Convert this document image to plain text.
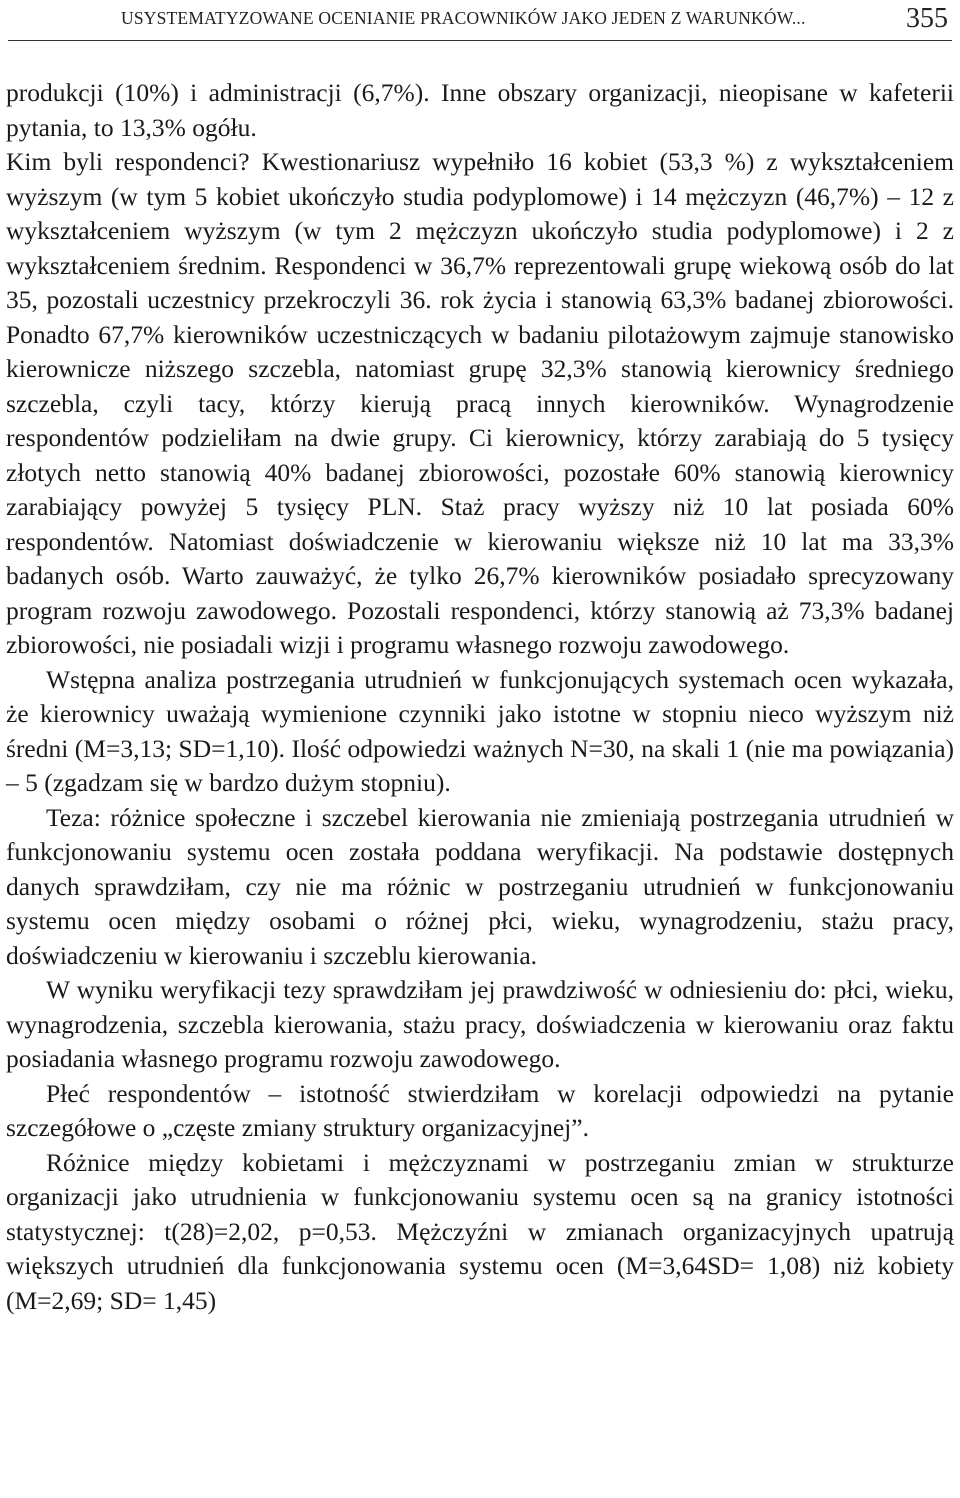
USYSTEMATYZOWANE OCENIANIE PRACOWNIKÓW JAKO JEDEN Z WARUNKÓW...	355

produkcji (10%) i administracji (6,7%). Inne obszary organizacji, nieopisane w kafeterii pytania, to 13,3% ogółu.

Kim byli respondenci? Kwestionariusz wypełniło 16 kobiet (53,3 %) z wykształceniem wyższym (w tym 5 kobiet ukończyło studia podyplomowe) i 14 mężczyzn (46,7%) – 12 z wykształceniem wyższym (w tym 2 mężczyzn ukończyło studia podyplomowe) i 2 z wykształceniem średnim. Respondenci w 36,7% reprezentowali grupę wiekową osób do lat 35, pozostali uczestnicy przekroczyli 36. rok życia i stanowią 63,3% badanej zbiorowości. Ponadto 67,7% kierowników uczestniczących w badaniu pilotażowym zajmuje stanowisko kierownicze niższego szczebla, natomiast grupę 32,3% stanowią kierownicy średniego szczebla, czyli tacy, którzy kierują pracą innych kierowników. Wynagrodzenie respondentów podzieliłam na dwie grupy. Ci kierownicy, którzy zarabiają do 5 tysięcy złotych netto stanowią 40% badanej zbiorowości, pozostałe 60% stanowią kierownicy zarabiający powyżej 5 tysięcy PLN. Staż pracy wyższy niż 10 lat posiada 60% respondentów. Natomiast doświadczenie w kierowaniu większe niż 10 lat ma 33,3% badanych osób. Warto zauważyć, że tylko 26,7% kierowników posiadało sprecyzowany program rozwoju zawodowego. Pozostali respondenci, którzy stanowią aż 73,3% badanej zbiorowości, nie posiadali wizji i programu własnego rozwoju zawodowego.

Wstępna analiza postrzegania utrudnień w funkcjonujących systemach ocen wykazała, że kierownicy uważają wymienione czynniki jako istotne w stopniu nieco wyższym niż średni (M=3,13; SD=1,10). Ilość odpowiedzi ważnych N=30, na skali 1 (nie ma powiązania) – 5 (zgadzam się w bardzo dużym stopniu).

Teza: różnice społeczne i szczebel kierowania nie zmieniają postrzegania utrudnień w funkcjonowaniu systemu ocen została poddana weryfikacji. Na podstawie dostępnych danych sprawdziłam, czy nie ma różnic w postrzeganiu utrudnień w funkcjonowaniu systemu ocen między osobami o różnej płci, wieku, wynagrodzeniu, stażu pracy, doświadczeniu w kierowaniu i szczeblu kierowania.

W wyniku weryfikacji tezy sprawdziłam jej prawdziwość w odniesieniu do: płci, wieku, wynagrodzenia, szczebla kierowania, stażu pracy, doświadczenia w kierowaniu oraz faktu posiadania własnego programu rozwoju zawodowego.

Płeć respondentów – istotność stwierdziłam w korelacji odpowiedzi na pytanie szczegółowe o „częste zmiany struktury organizacyjnej”.

Różnice między kobietami i mężczyznami w postrzeganiu zmian w strukturze organizacji jako utrudnienia w funkcjonowaniu systemu ocen są na granicy istotności statystycznej: t(28)=2,02, p=0,53. Mężczyźni w zmianach organizacyjnych upatrują większych utrudnień dla funkcjonowania systemu ocen (M=3,64SD= 1,08) niż kobiety (M=2,69; SD= 1,45)
